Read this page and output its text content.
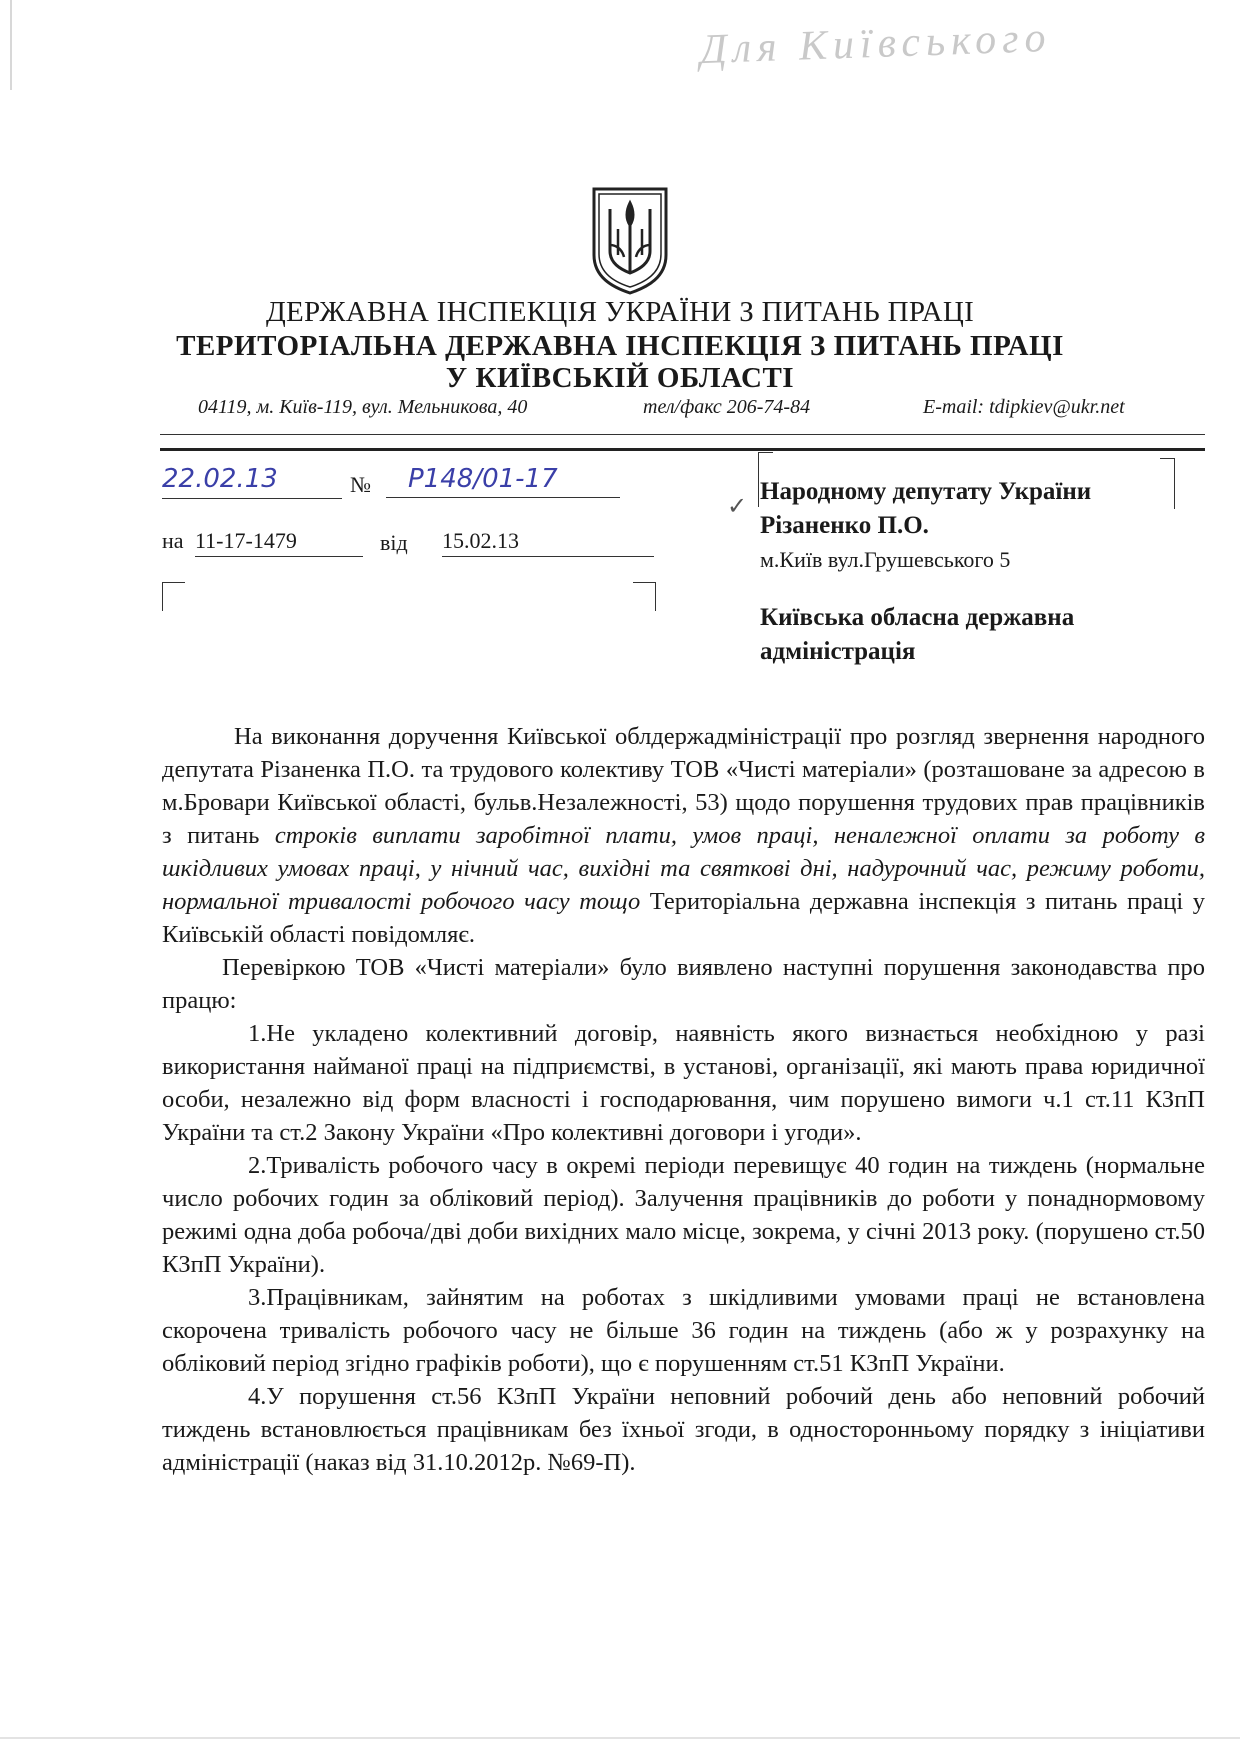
Для Київського
ДЕРЖАВНА ІНСПЕКЦІЯ УКРАЇНИ З ПИТАНЬ ПРАЦІ
ТЕРИТОРІАЛЬНА ДЕРЖАВНА ІНСПЕКЦІЯ З ПИТАНЬ ПРАЦІ
У КИЇВСЬКІЙ ОБЛАСТІ
04119, м. Київ-119, вул. Мельникова, 40	тел/факс 206-74-84	E-mail: tdipkiev@ukr.net
22.02.13	№	Р148/01-17
на 11-17-1479	від 15.02.13
✓
Народному депутату України
Різаненко П.О.
м.Київ вул.Грушевського 5
Київська обласна державна
адміністрація

На виконання доручення Київської облдержадміністрації про розгляд звернення народного депутата Різаненка П.О. та трудового колективу ТОВ «Чисті матеріали» (розташоване за адресою в м.Бровари Київської області, бульв.Незалежності, 53) щодо порушення трудових прав працівників з питань строків виплати заробітної плати, умов праці, неналежної оплати за роботу в шкідливих умовах праці, у нічний час, вихідні та святкові дні, надурочний час, режиму роботи, нормальної тривалості робочого часу тощо Територіальна державна інспекція з питань праці у Київській області повідомляє.

Перевіркою ТОВ «Чисті матеріали» було виявлено наступні порушення законодавства про працю:

1.Не укладено колективний договір, наявність якого визнається необхідною у разі використання найманої праці на підприємстві, в установі, організації, які мають права юридичної особи, незалежно від форм власності і господарювання, чим порушено вимоги ч.1 ст.11 КЗпП України та ст.2 Закону України «Про колективні договори і угоди».

2.Тривалість робочого часу в окремі періоди перевищує 40 годин на тиждень (нормальне число робочих годин за обліковий період). Залучення працівників до роботи у понаднормовому режимі одна доба робоча/дві доби вихідних мало місце, зокрема, у січні 2013 року. (порушено ст.50 КЗпП України).

3.Працівникам, зайнятим на роботах з шкідливими умовами праці не встановлена скорочена тривалість робочого часу не більше 36 годин на тиждень (або ж у розрахунку на обліковий період згідно графіків роботи), що є порушенням ст.51 КЗпП України.

4.У порушення ст.56 КЗпП України неповний робочий день або неповний робочий тиждень встановлюється працівникам без їхньої згоди, в односторонньому порядку з ініціативи адміністрації (наказ від 31.10.2012р. №69-П).
